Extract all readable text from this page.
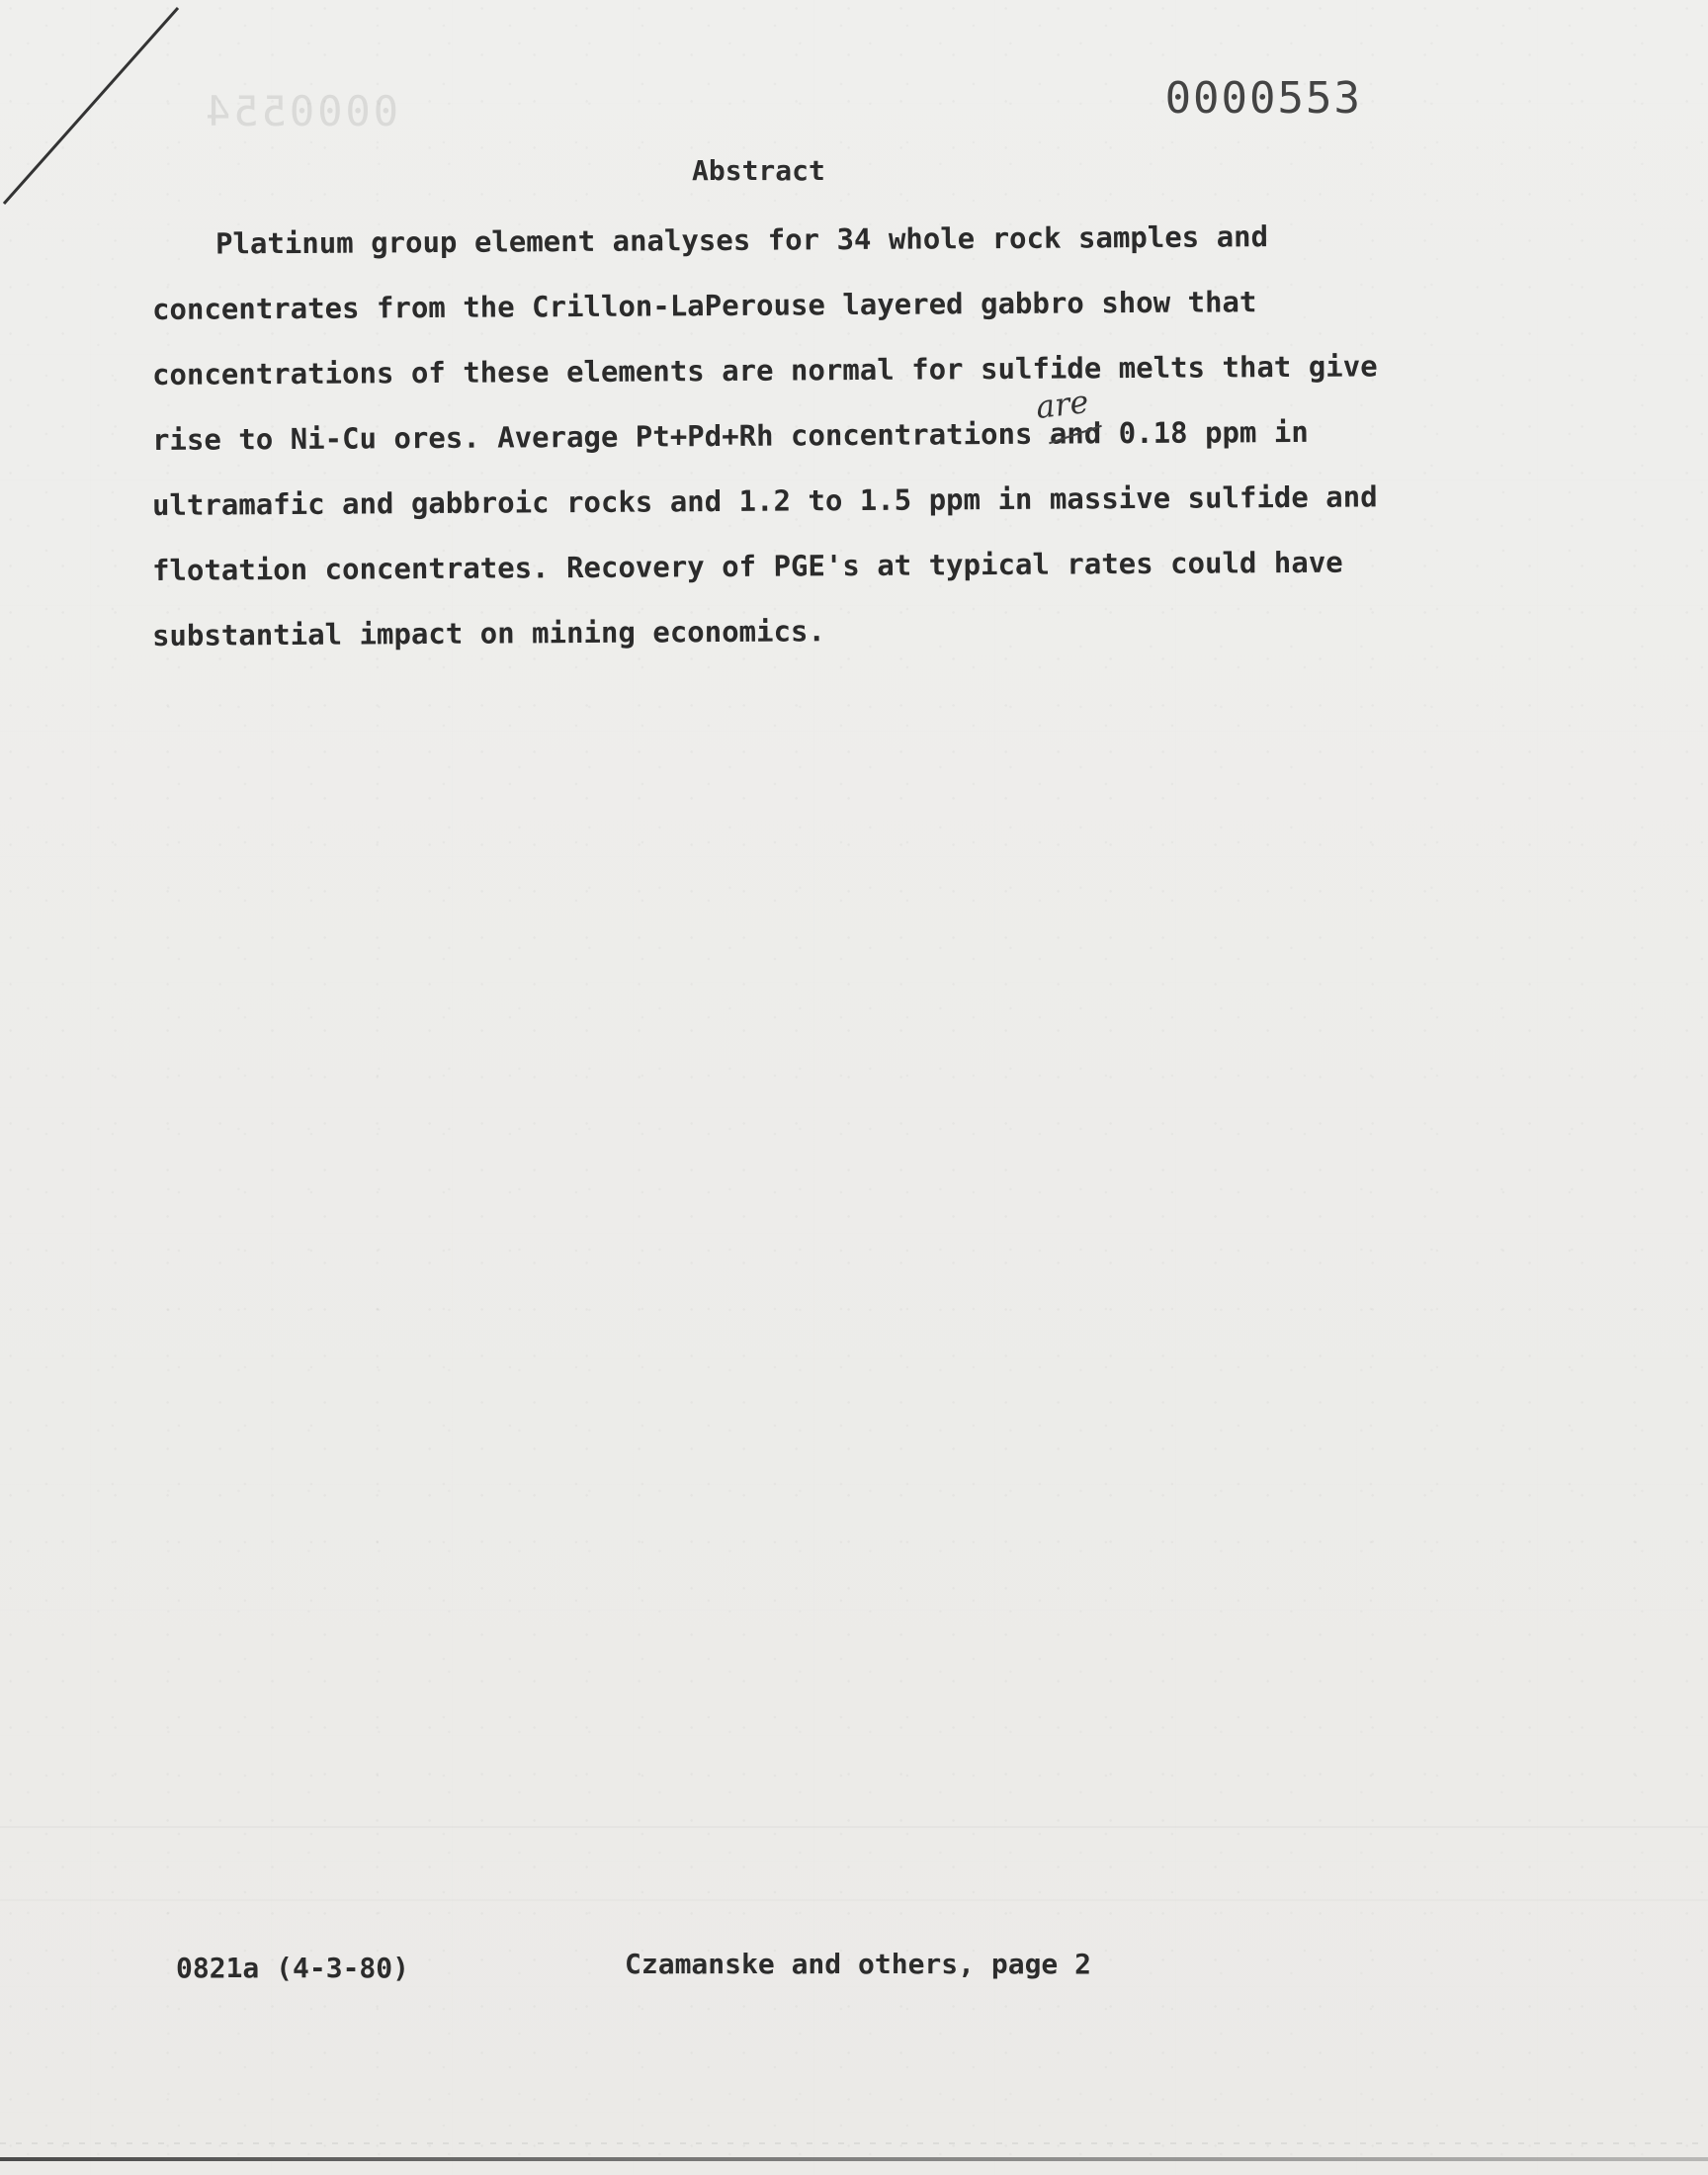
0000554	0000553
Abstract
Platinum group element analyses for 34 whole rock samples and
concentrates from the Crillon-LaPerouse layered gabbro show that
concentrations of these elements are normal for sulfide melts that give
rise to Ni-Cu ores. Average Pt+Pd+Rh concentrations and 0.18 ppm in
ultramafic and gabbroic rocks and 1.2 to 1.5 ppm in massive sulfide and
flotation concentrates. Recovery of PGE's at typical rates could have
substantial impact on mining economics.
are
0821a (4-3-80)	Czamanske and others, page 2
